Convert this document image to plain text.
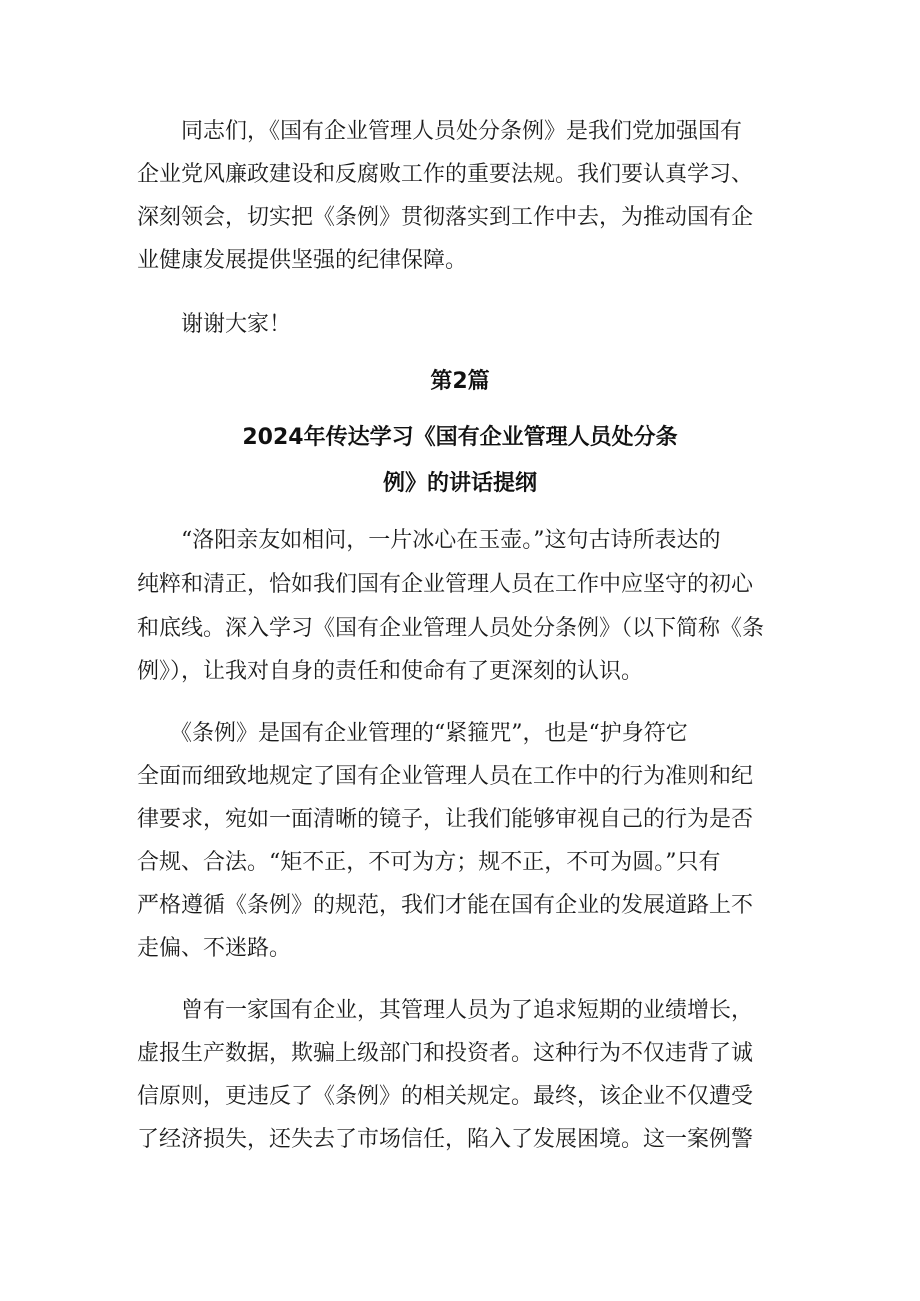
　　同志们，《国有企业管理人员处分条例》是我们党加强国有
企业党风廉政建设和反腐败工作的重要法规。我们要认真学习、
深刻领会，切实把《条例》贯彻落实到工作中去，为推动国有企
业健康发展提供坚强的纪律保障。
　　谢谢大家！
第2篇
2024年传达学习《国有企业管理人员处分条
例》的讲话提纲
　　“洛阳亲友如相问，一片冰心在玉壶。”这句古诗所表达的
纯粹和清正，恰如我们国有企业管理人员在工作中应坚守的初心
和底线。深入学习《国有企业管理人员处分条例》（以下简称《条
例》），让我对自身的责任和使命有了更深刻的认识。
　　《条例》是国有企业管理的“紧箍咒”，也是“护身符它
全面而细致地规定了国有企业管理人员在工作中的行为准则和纪
律要求，宛如一面清晰的镜子，让我们能够审视自己的行为是否
合规、合法。“矩不正，不可为方；规不正，不可为圆。”只有
严格遵循《条例》的规范，我们才能在国有企业的发展道路上不
走偏、不迷路。
　　曾有一家国有企业，其管理人员为了追求短期的业绩增长，
虚报生产数据，欺骗上级部门和投资者。这种行为不仅违背了诚
信原则，更违反了《条例》的相关规定。最终，该企业不仅遭受
了经济损失，还失去了市场信任，陷入了发展困境。这一案例警
